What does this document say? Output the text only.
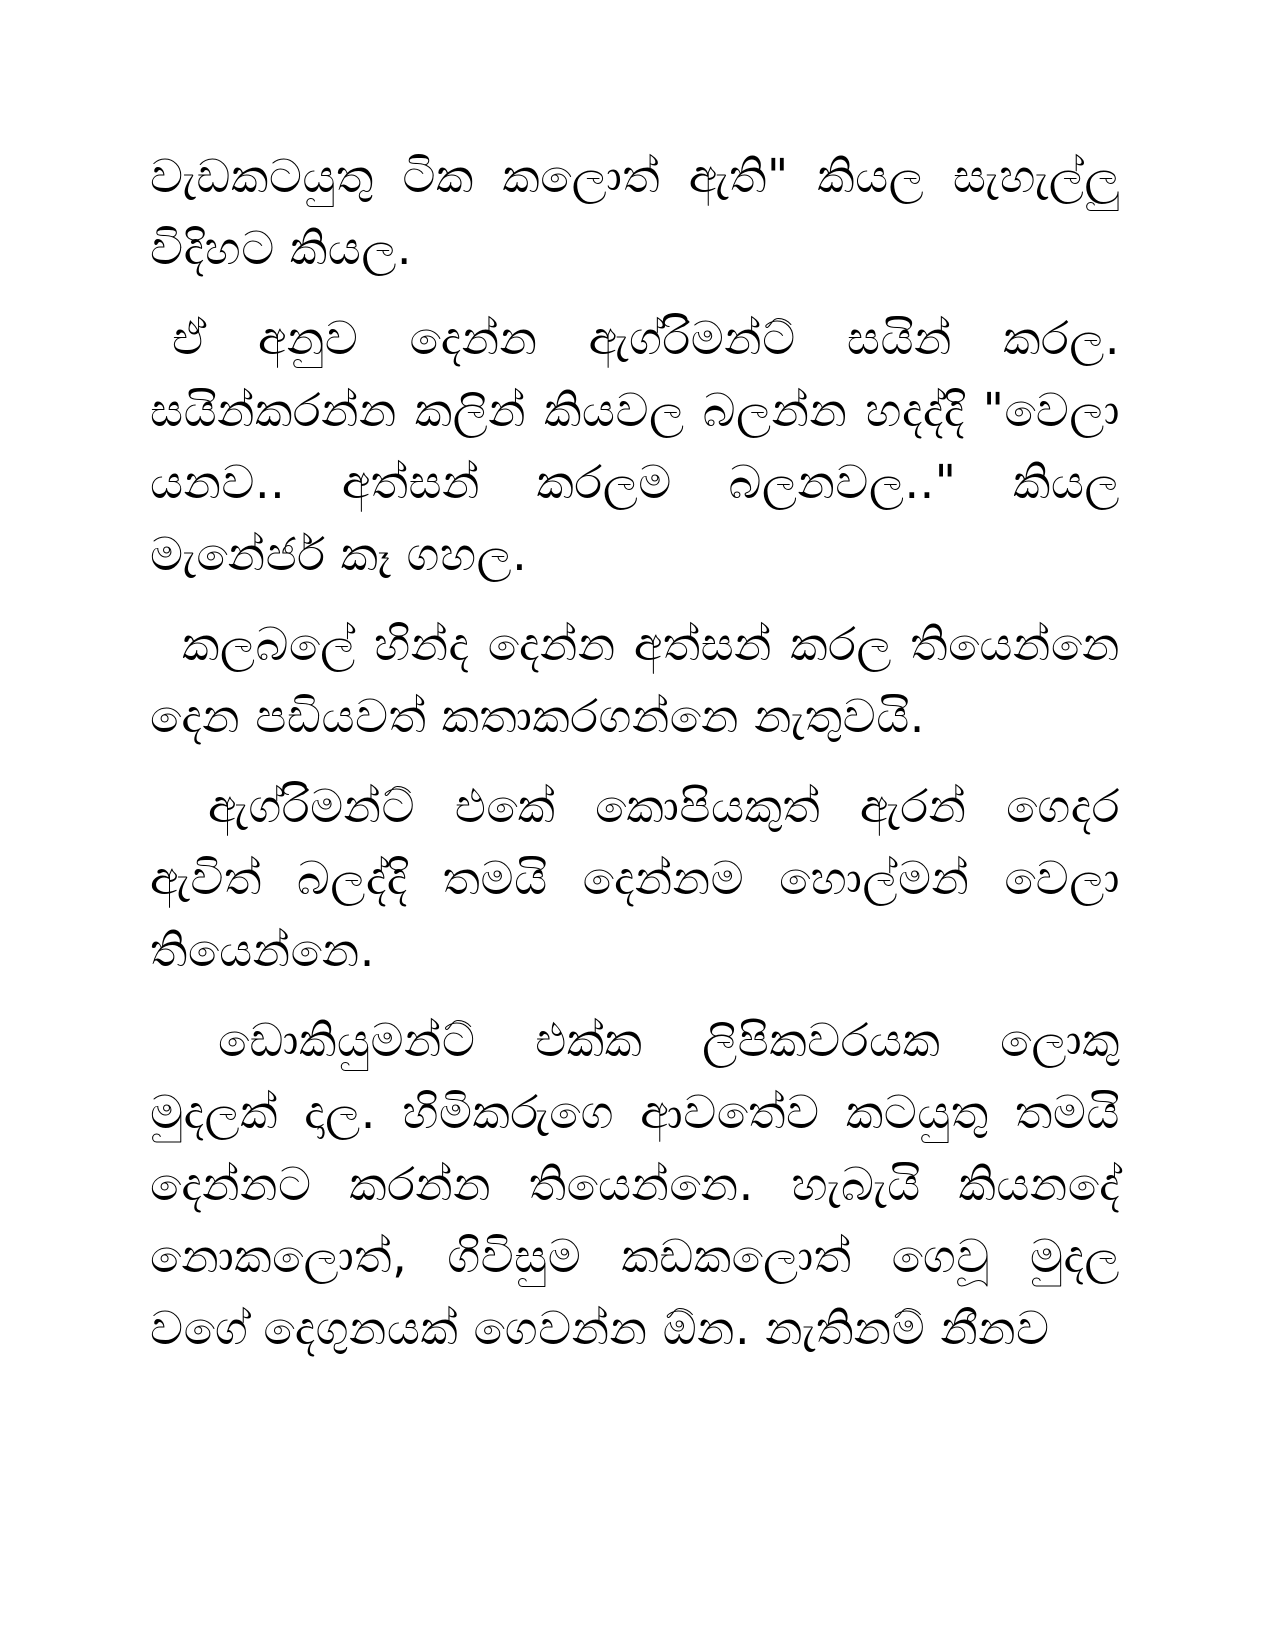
වැඩකටයුතු ටික කලොත් ඇති" කියල සැහැල්ලු විදිහට කියල.

ඒ අනුව දෙන්න ඇග්රිමන්ට් සයින් කරල. සයින්කරන්න කලින් කියවල බලන්න හදද්දි "වෙලා යනව.. අත්සන් කරලම බලනවල.." කියල මැනේජර් කෑ ගහල.

කලබලේ හින්ද දෙන්න අත්සන් කරල තියෙන්නෙ දෙන පඩියවත් කතාකරගන්නෙ නැතුවයි.

ඇග්රිමන්ට් එකේ කොපියකුත් ඇරන් ගෙදර ඇවිත් බලද්දි තමයි දෙන්නම හොල්මන් වෙලා තියෙන්නෙ.

ඩොකියුමන්ට් එක්ක ලිපිකවරයක ලොකු මුදලක් දාල. හිමිකරුගෙ ආවතේව කටයුතු තමයි දෙන්නට කරන්න තියෙන්නෙ. හැබැයි කියනදේ නොකලොත්, ගිවිසුම කඩකලොත් ගෙවූ මුදල වගේ දෙගුනයක් ගෙවන්න ඕන. නැතිනම් නීනව
